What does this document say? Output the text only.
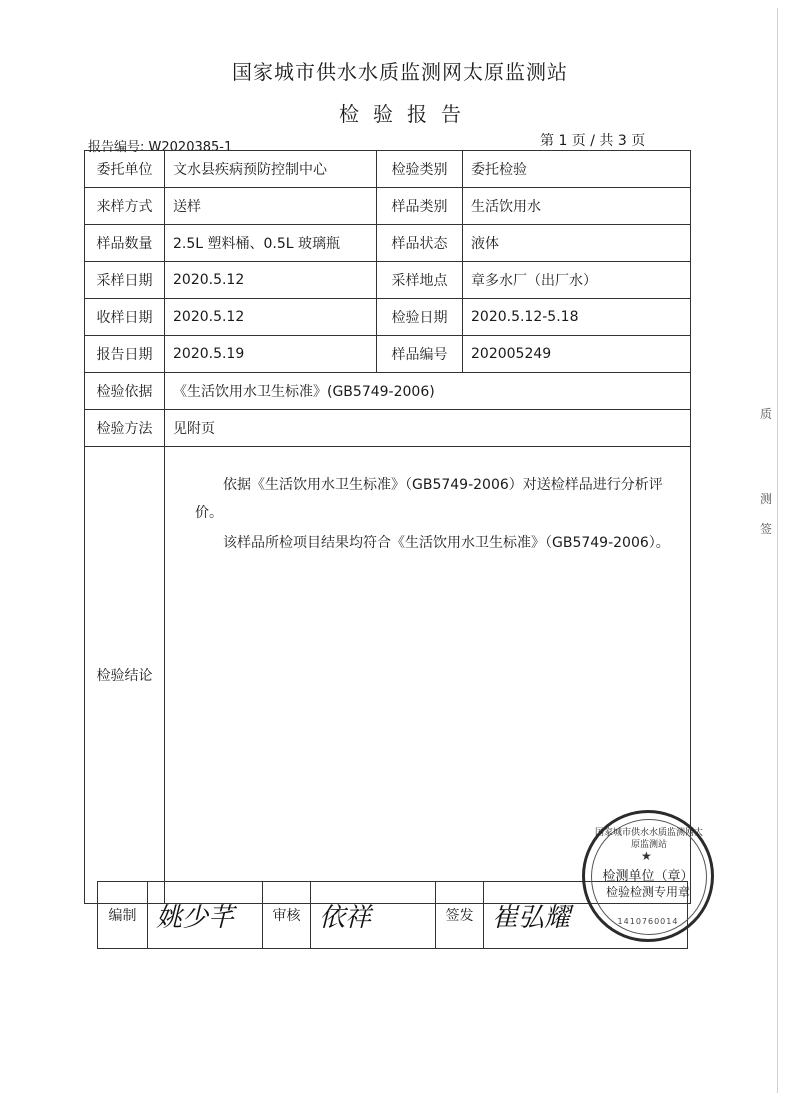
国家城市供水水质监测网太原监测站
检验报告
报告编号: W2020385-1	第 1 页 / 共 3 页
委托单位	文水县疾病预防控制中心	检验类别	委托检验
来样方式	送样	样品类别	生活饮用水
样品数量	2.5L 塑料桶、0.5L 玻璃瓶	样品状态	液体
采样日期	2020.5.12	采样地点	章多水厂（出厂水）
收样日期	2020.5.12	检验日期	2020.5.12-5.18
报告日期	2020.5.19	样品编号	202005249
检验依据	《生活饮用水卫生标准》(GB5749-2006)		
检验方法	见附页		
检验结论	依据《生活饮用水卫生标准》（GB5749-2006）对送检样品进行分析评

价。

该样品所检项目结果均符合《生活饮用水卫生标准》（GB5749-2006）。		

编制	姚少芊	审核	依祥	签发	崔弘耀
国家城市供水水质监测网太原监测站
★
检测单位（章）
检验检测专用章
1410760014
质
测
签
